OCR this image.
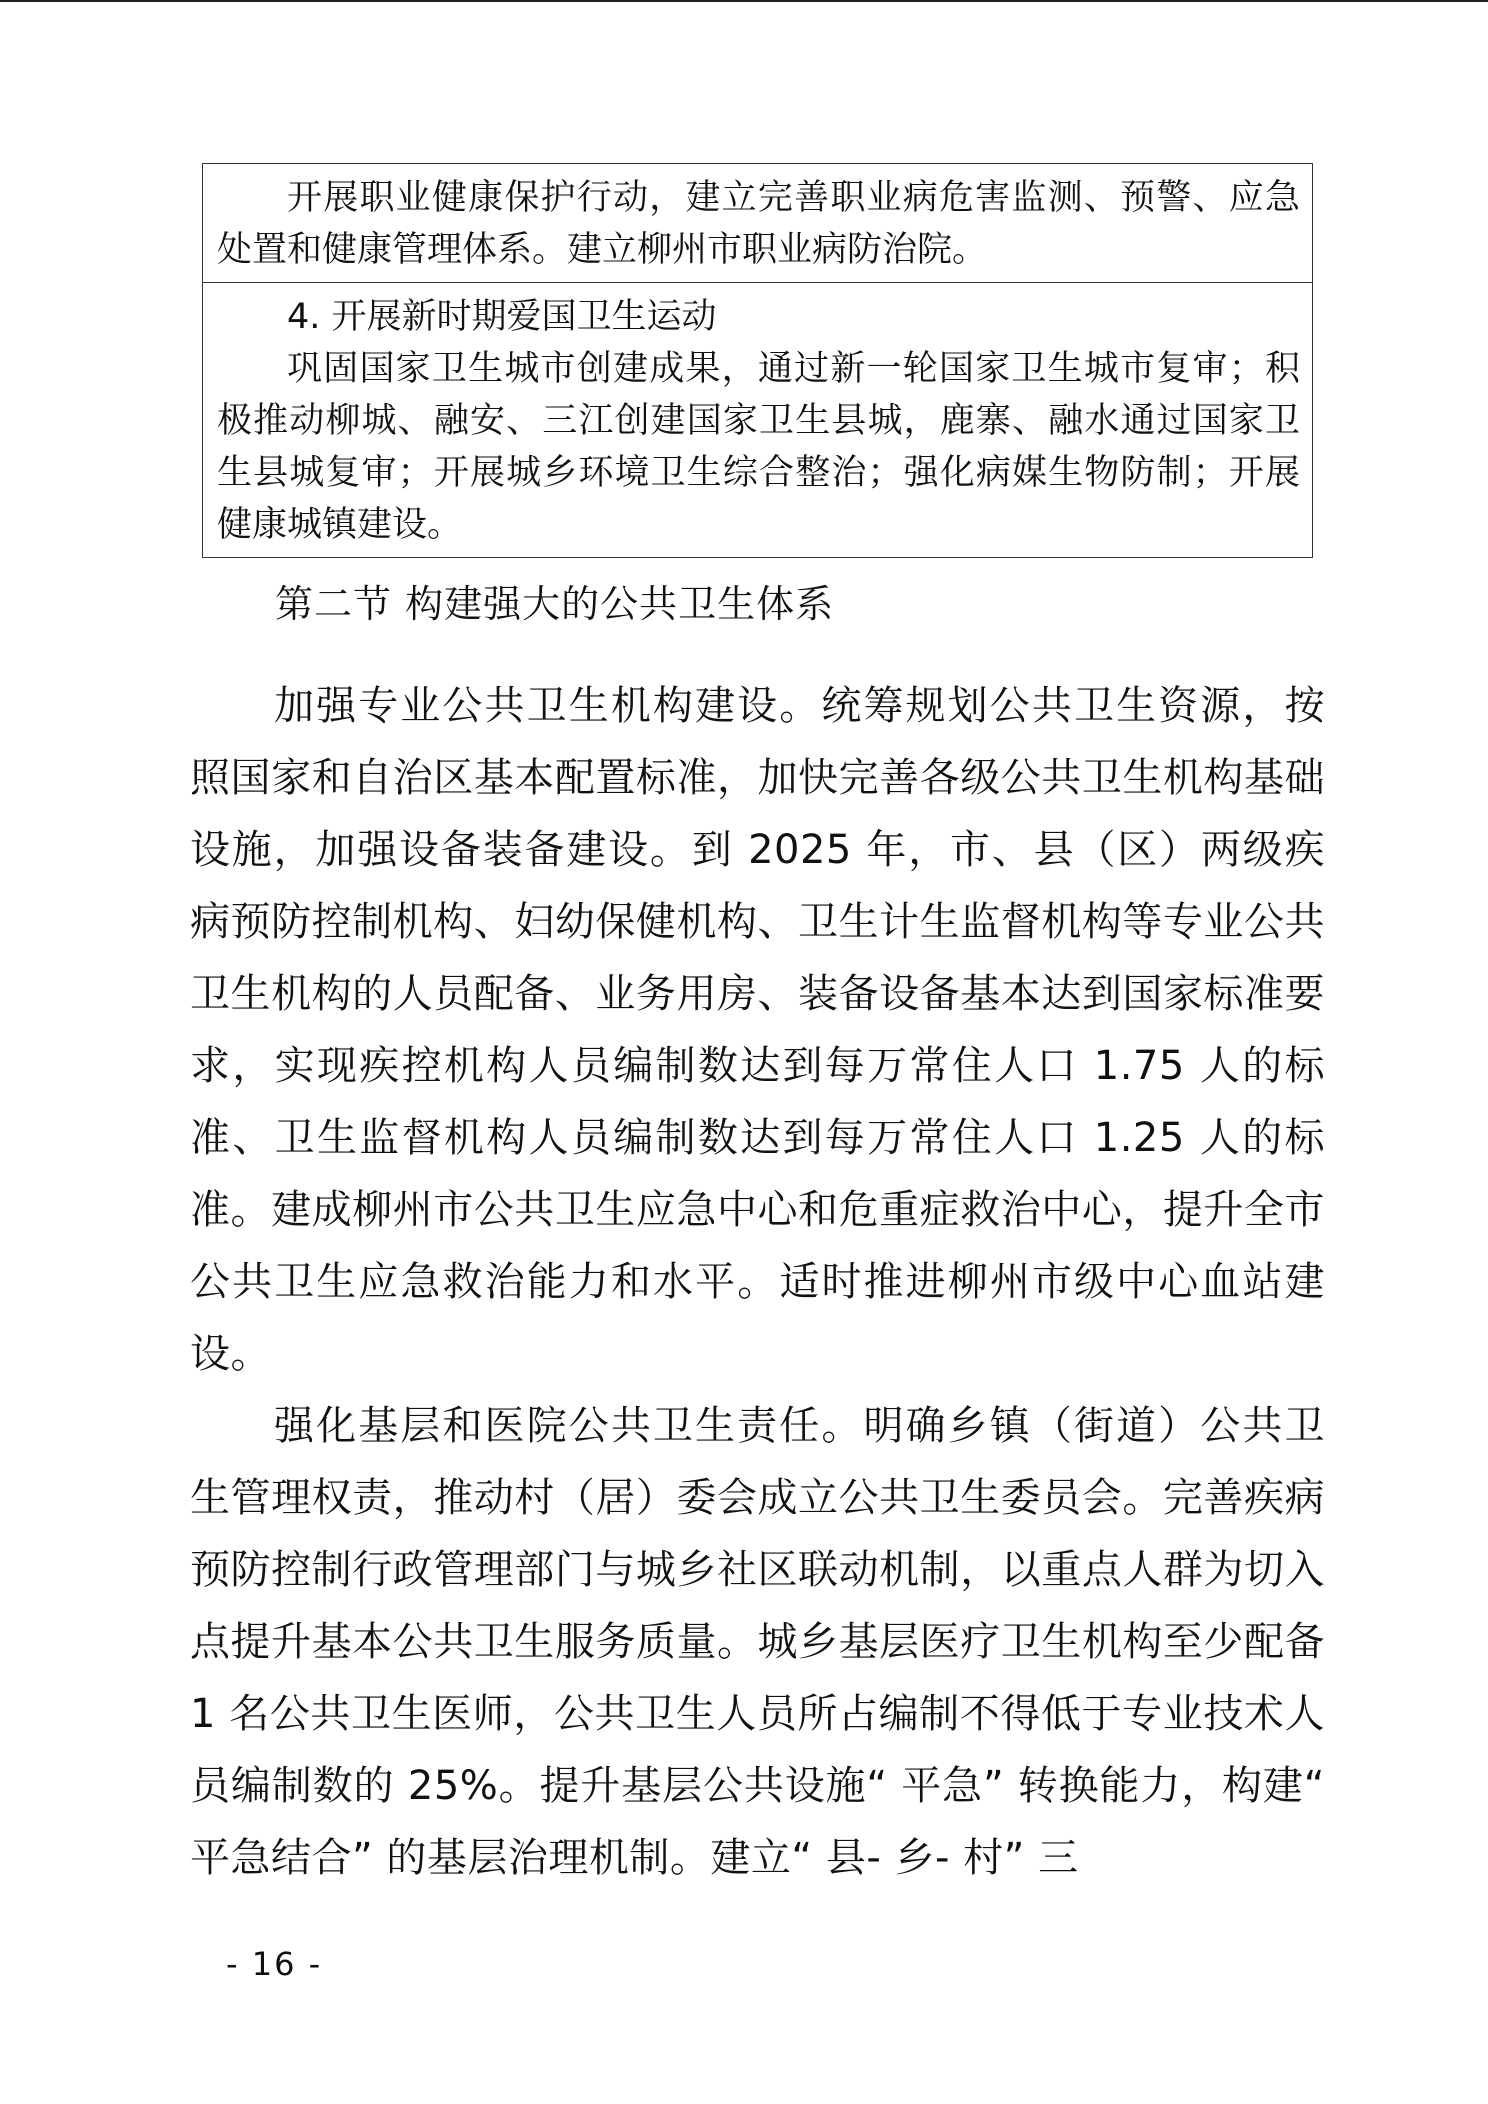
开展职业健康保护行动，建立完善职业病危害监测、预警、应急处置和健康管理体系。建立柳州市职业病防治院。

4. 开展新时期爱国卫生运动

巩固国家卫生城市创建成果，通过新一轮国家卫生城市复审；积极推动柳城、融安、三江创建国家卫生县城，鹿寨、融水通过国家卫生县城复审；开展城乡环境卫生综合整治；强化病媒生物防制；开展健康城镇建设。

第二节 构建强大的公共卫生体系

加强专业公共卫生机构建设。统筹规划公共卫生资源，按照国家和自治区基本配置标准，加快完善各级公共卫生机构基础设施，加强设备装备建设。到 2025 年，市、县（区）两级疾病预防控制机构、妇幼保健机构、卫生计生监督机构等专业公共卫生机构的人员配备、业务用房、装备设备基本达到国家标准要求，实现疾控机构人员编制数达到每万常住人口 1.75 人的标准、卫生监督机构人员编制数达到每万常住人口 1.25 人的标准。建成柳州市公共卫生应急中心和危重症救治中心，提升全市公共卫生应急救治能力和水平。适时推进柳州市级中心血站建设。

强化基层和医院公共卫生责任。明确乡镇（街道）公共卫生管理权责，推动村（居）委会成立公共卫生委员会。完善疾病预防控制行政管理部门与城乡社区联动机制，以重点人群为切入点提升基本公共卫生服务质量。城乡基层医疗卫生机构至少配备 1 名公共卫生医师，公共卫生人员所占编制不得低于专业技术人员编制数的 25%。提升基层公共设施“ 平急” 转换能力，构建“ 平急结合” 的基层治理机制。建立“ 县- 乡- 村” 三

- 16 -
